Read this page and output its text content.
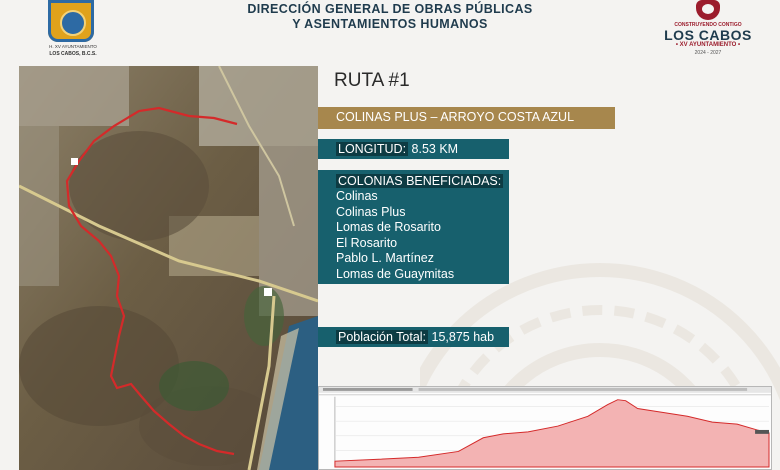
H. XV AYUNTAMIENTO
LOS CABOS, B.C.S.
DIRECCIÓN GENERAL DE OBRAS PÚBLICAS
Y ASENTAMIENTOS HUMANOS	CONSTRUYENDO CONTIGO
LOS CABOS
• XV AYUNTAMIENTO •
2024 - 2027
RUTA #1
COLINAS PLUS – ARROYO COSTA AZUL
LONGITUD: 8.53 KM
COLONIAS BENEFICIADAS:
Colinas
Colinas Plus
Lomas de Rosarito
El Rosarito
Pablo L. Martínez
Lomas de Guaymitas
Población Total: 15,875 hab
